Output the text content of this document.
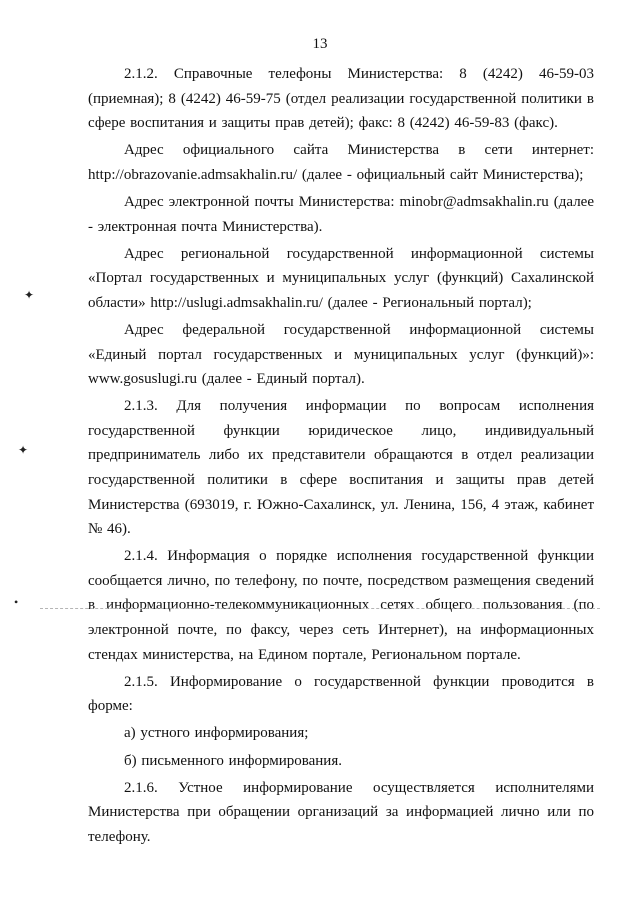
13

2.1.2. Справочные телефоны Министерства: 8 (4242) 46-59-03 (приемная); 8 (4242) 46-59-75 (отдел реализации государственной политики в сфере воспитания и защиты прав детей); факс: 8 (4242) 46-59-83 (факс).

Адрес официального сайта Министерства в сети интернет: http://obrazovanie.admsakhalin.ru/ (далее - официальный сайт Министерства);

Адрес электронной почты Министерства: minobr@admsakhalin.ru (далее - электронная почта Министерства).

Адрес региональной государственной информационной системы «Портал государственных и муниципальных услуг (функций) Сахалинской области» http://uslugi.admsakhalin.ru/ (далее - Региональный портал);

Адрес федеральной государственной информационной системы «Единый портал государственных и муниципальных услуг (функций)»: www.gosuslugi.ru (далее - Единый портал).

2.1.3. Для получения информации по вопросам исполнения государственной функции юридическое лицо, индивидуальный предприниматель либо их представители обращаются в отдел реализации государственной политики в сфере воспитания и защиты прав детей Министерства (693019, г. Южно-Сахалинск, ул. Ленина, 156, 4 этаж, кабинет № 46).

2.1.4. Информация о порядке исполнения государственной функции сообщается лично, по телефону, по почте, посредством размещения сведений в информационно-телекоммуникационных сетях общего пользования (по электронной почте, по факсу, через сеть Интернет), на информационных стендах министерства, на Едином портале, Региональном портале.

2.1.5. Информирование о государственной функции проводится в форме:

а) устного информирования;

б) письменного информирования.

2.1.6. Устное информирование осуществляется исполнителями Министерства при обращении организаций за информацией лично или по телефону.

✦
✦
•
